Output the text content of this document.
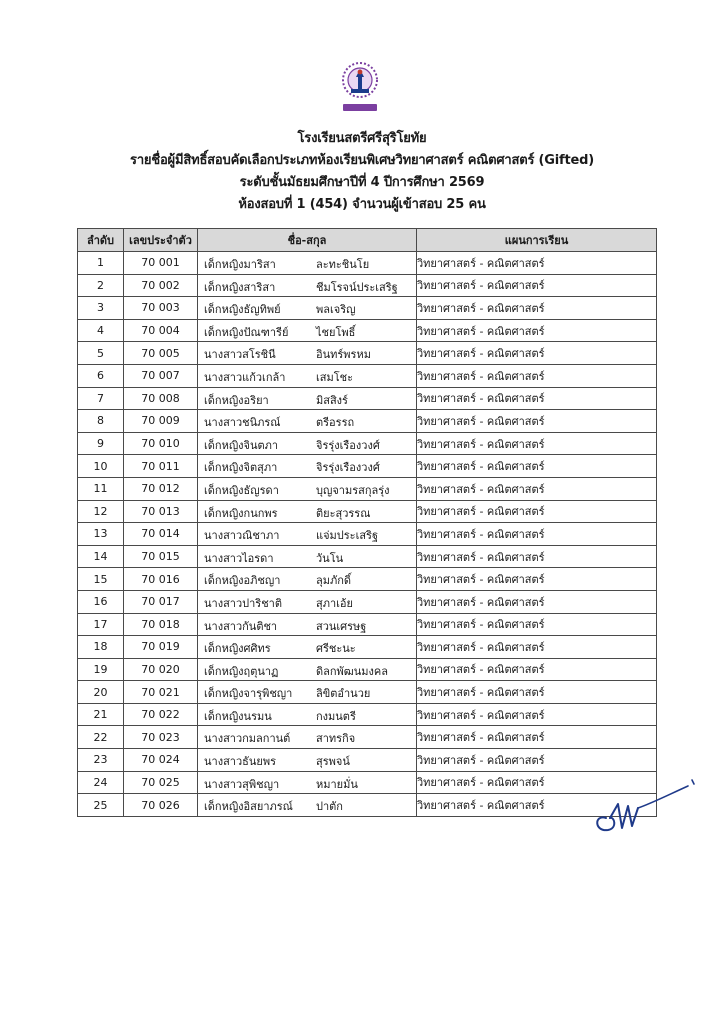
โรงเรียนสตรีศรีสุริโยทัย
รายชื่อผู้มีสิทธิ์สอบคัดเลือกประเภทห้องเรียนพิเศษวิทยาศาสตร์ คณิตศาสตร์ (Gifted)
ระดับชั้นมัธยมศึกษาปีที่ 4 ปีการศึกษา 2569
ห้องสอบที่ 1 (454) จำนวนผู้เข้าสอบ 25 คน
ลำดับ	เลขประจำตัว	ชื่อ-สกุล	แผนการเรียน
1	70 001	เด็กหญิงมาริสา ละทะชินโย	วิทยาศาสตร์ - คณิตศาสตร์
2	70 002	เด็กหญิงสาริสา ชีมโรจน์ประเสริฐ	วิทยาศาสตร์ - คณิตศาสตร์
3	70 003	เด็กหญิงธัญทิพย์ พลเจริญ	วิทยาศาสตร์ - คณิตศาสตร์
4	70 004	เด็กหญิงปัณฑารีย์ ไชยโพธิ์	วิทยาศาสตร์ - คณิตศาสตร์
5	70 005	นางสาวสโรชินี อินทร์พรหม	วิทยาศาสตร์ - คณิตศาสตร์
6	70 007	นางสาวแก้วเกล้า เสมโชะ	วิทยาศาสตร์ - คณิตศาสตร์
7	70 008	เด็กหญิงอริยา มิสสิงร์	วิทยาศาสตร์ - คณิตศาสตร์
8	70 009	นางสาวชนิภรณ์ ตรีอรรถ	วิทยาศาสตร์ - คณิตศาสตร์
9	70 010	เด็กหญิงจินตภา จิรรุ่งเรืองวงศ์	วิทยาศาสตร์ - คณิตศาสตร์
10	70 011	เด็กหญิงจิตสุภา จิรรุ่งเรืองวงศ์	วิทยาศาสตร์ - คณิตศาสตร์
11	70 012	เด็กหญิงธัญรดา บุญจามรสกุลรุ่ง	วิทยาศาสตร์ - คณิตศาสตร์
12	70 013	เด็กหญิงกนกพร ติยะสุวรรณ	วิทยาศาสตร์ - คณิตศาสตร์
13	70 014	นางสาวณิชาภา แจ่มประเสริฐ	วิทยาศาสตร์ - คณิตศาสตร์
14	70 015	นางสาวไอรดา วันโน	วิทยาศาสตร์ - คณิตศาสตร์
15	70 016	เด็กหญิงอภิชญา ลุมภักดิ์	วิทยาศาสตร์ - คณิตศาสตร์
16	70 017	นางสาวปาริชาติ สุภาเอ้ย	วิทยาศาสตร์ - คณิตศาสตร์
17	70 018	นางสาวกันติชา สวนเศรษฐ	วิทยาศาสตร์ - คณิตศาสตร์
18	70 019	เด็กหญิงศศิทร ศรีชะนะ	วิทยาศาสตร์ - คณิตศาสตร์
19	70 020	เด็กหญิงฤตุนาฏ ดิลกพัฒนมงคล	วิทยาศาสตร์ - คณิตศาสตร์
20	70 021	เด็กหญิงจารุพิชญา ลิขิตอำนวย	วิทยาศาสตร์ - คณิตศาสตร์
21	70 022	เด็กหญิงนรมน กงมนตรี	วิทยาศาสตร์ - คณิตศาสตร์
22	70 023	นางสาวกมลกานต์ สาทรกิจ	วิทยาศาสตร์ - คณิตศาสตร์
23	70 024	นางสาวธันยพร สุรพจน์	วิทยาศาสตร์ - คณิตศาสตร์
24	70 025	นางสาวสุพิชญา หมายมั่น	วิทยาศาสตร์ - คณิตศาสตร์
25	70 026	เด็กหญิงอิสยาภรณ์ ปาตัก	วิทยาศาสตร์ - คณิตศาสตร์
